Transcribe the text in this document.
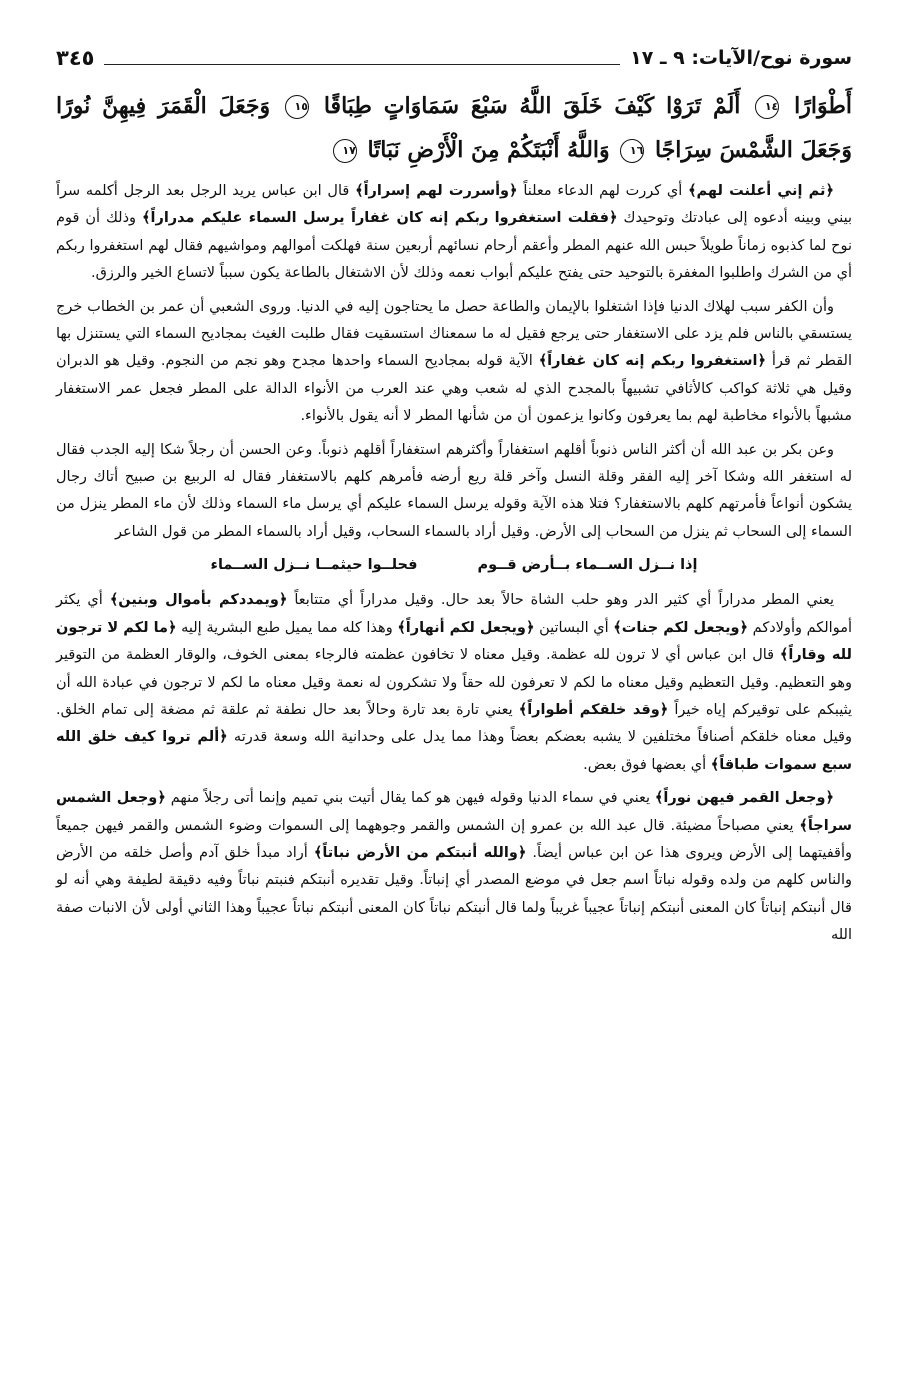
سورة نوح/الآيات: ٩ ـ ١٧
٣٤٥
أَطْوَارًا ١٤ أَلَمْ تَرَوْا كَيْفَ خَلَقَ اللَّهُ سَبْعَ سَمَاوَاتٍ طِبَاقًا ١٥ وَجَعَلَ الْقَمَرَ فِيهِنَّ نُورًا وَجَعَلَ الشَّمْسَ سِرَاجًا ١٦ وَاللَّهُ أَنْبَتَكُمْ مِنَ الْأَرْضِ نَبَاتًا ١٧

﴿ثم إني أعلنت لهم﴾ أي كررت لهم الدعاء معلناً ﴿وأسررت لهم إسراراً﴾ قال ابن عباس يريد الرجل بعد الرجل أكلمه سراً بيني وبينه أدعوه إلى عبادتك وتوحيدك ﴿فقلت استغفروا ربكم إنه كان غفاراً يرسل السماء عليكم مدراراً﴾ وذلك أن قوم نوح لما كذبوه زماناً طويلاً حبس الله عنهم المطر وأعقم أرحام نسائهم أربعين سنة فهلكت أموالهم ومواشيهم فقال لهم استغفروا ربكم أي من الشرك واطلبوا المغفرة بالتوحيد حتى يفتح عليكم أبواب نعمه وذلك لأن الاشتغال بالطاعة يكون سبباً لاتساع الخير والرزق.

وأن الكفر سبب لهلاك الدنيا فإذا اشتغلوا بالإيمان والطاعة حصل ما يحتاجون إليه في الدنيا. وروى الشعبي أن عمر بن الخطاب خرج يستسقي بالناس فلم يزد على الاستغفار حتى يرجع فقيل له ما سمعناك استسقيت فقال طلبت الغيث بمجاديح السماء التي يستنزل بها القطر ثم قرأ ﴿استغفروا ربكم إنه كان غفاراً﴾ الآية قوله بمجاديح السماء واحدها مجدح وهو نجم من النجوم. وقيل هو الدبران وقيل هي ثلاثة كواكب كالأثافي تشبيهاً بالمجدح الذي له شعب وهي عند العرب من الأنواء الدالة على المطر فجعل عمر الاستغفار مشبهاً بالأنواء مخاطبة لهم بما يعرفون وكانوا يزعمون أن من شأنها المطر لا أنه يقول بالأنواء.

وعن بكر بن عبد الله أن أكثر الناس ذنوباً أقلهم استغفاراً وأكثرهم استغفاراً أقلهم ذنوباً. وعن الحسن أن رجلاً شكا إليه الجدب فقال له استغفر الله وشكا آخر إليه الفقر وقلة النسل وآخر قلة ريع أرضه فأمرهم كلهم بالاستغفار فقال له الربيع بن صبيح أتاك رجال يشكون أنواعاً فأمرتهم كلهم بالاستغفار؟ فتلا هذه الآية وقوله يرسل السماء عليكم أي يرسل ماء السماء وذلك لأن ماء المطر ينزل من السماء إلى السحاب ثم ينزل من السحاب إلى الأرض. وقيل أراد بالسماء السحاب، وقيل أراد بالسماء المطر من قول الشاعر

إذا نــزل الســماء بــأرض قــوم
فحلــوا حيثمــا نــزل الســماء

يعني المطر مدراراً أي كثير الدر وهو حلب الشاة حالاً بعد حال. وقيل مدراراً أي متتابعاً ﴿ويمددكم بأموال وبنين﴾ أي يكثر أموالكم وأولادكم ﴿ويجعل لكم جنات﴾ أي البساتين ﴿ويجعل لكم أنهاراً﴾ وهذا كله مما يميل طبع البشرية إليه ﴿ما لكم لا ترجون لله وقاراً﴾ قال ابن عباس أي لا ترون لله عظمة. وقيل معناه لا تخافون عظمته فالرجاء بمعنى الخوف، والوقار العظمة من التوقير وهو التعظيم. وقيل التعظيم وقيل معناه ما لكم لا تعرفون لله حقاً ولا تشكرون له نعمة وقيل معناه ما لكم لا ترجون في عبادة الله أن يثيبكم على توقيركم إياه خيراً ﴿وقد خلقكم أطواراً﴾ يعني تارة بعد تارة وحالاً بعد حال نطفة ثم علقة ثم مضغة إلى تمام الخلق. وقيل معناه خلقكم أصنافاً مختلفين لا يشبه بعضكم بعضاً وهذا مما يدل على وحدانية الله وسعة قدرته ﴿ألم تروا كيف خلق الله سبع سموات طباقاً﴾ أي بعضها فوق بعض.

﴿وجعل القمر فيهن نوراً﴾ يعني في سماء الدنيا وقوله فيهن هو كما يقال أتيت بني تميم وإنما أتى رجلاً منهم ﴿وجعل الشمس سراجاً﴾ يعني مصباحاً مضيئة. قال عبد الله بن عمرو إن الشمس والقمر وجوههما إلى السموات وضوء الشمس والقمر فيهن جميعاً وأقفيتهما إلى الأرض ويروى هذا عن ابن عباس أيضاً. ﴿والله أنبتكم من الأرض نباتاً﴾ أراد مبدأ خلق آدم وأصل خلقه من الأرض والناس كلهم من ولده وقوله نباتاً اسم جعل في موضع المصدر أي إنباتاً. وقيل تقديره أنبتكم فنبتم نباتاً وفيه دقيقة لطيفة وهي أنه لو قال أنبتكم إنباتاً كان المعنى أنبتكم إنباتاً عجيباً غريباً ولما قال أنبتكم نباتاً كان المعنى أنبتكم نباتاً عجيباً وهذا الثاني أولى لأن الانبات صفة الله
